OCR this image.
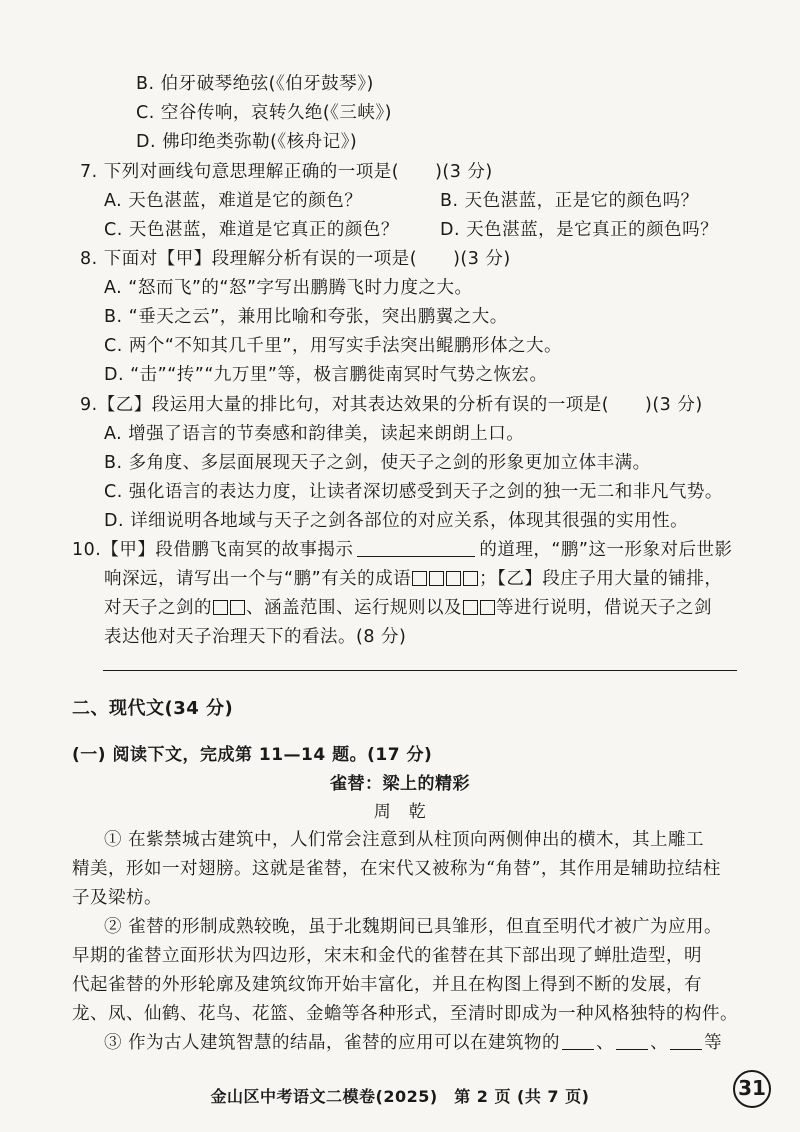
B. 伯牙破琴绝弦(《伯牙鼓琴》)
C. 空谷传响，哀转久绝(《三峡》)
D. 佛印绝类弥勒(《核舟记》)
7. 下列对画线句意思理解正确的一项是(　　)(3 分)
A. 天色湛蓝，难道是它的颜色？	B. 天色湛蓝，正是它的颜色吗？
C. 天色湛蓝，难道是它真正的颜色？ D. 天色湛蓝，是它真正的颜色吗？
8. 下面对【甲】段理解分析有误的一项是(　　)(3 分)
A. “怒而飞”的“怒”字写出鹏腾飞时力度之大。
B. “垂天之云”，兼用比喻和夸张，突出鹏翼之大。
C. 两个“不知其几千里”，用写实手法突出鲲鹏形体之大。
D. “击”“抟”“九万里”等，极言鹏徙南冥时气势之恢宏。
9.【乙】段运用大量的排比句，对其表达效果的分析有误的一项是(　　)(3 分)
A. 增强了语言的节奏感和韵律美，读起来朗朗上口。
B. 多角度、多层面展现天子之剑，使天子之剑的形象更加立体丰满。
C. 强化语言的表达力度，让读者深切感受到天子之剑的独一无二和非凡气势。
D. 详细说明各地域与天子之剑各部位的对应关系，体现其很强的实用性。
10.【甲】段借鹏飞南冥的故事揭示	的道理，“鹏”这一形象对后世影
响深远，请写出一个与“鹏”有关的成语	；【乙】段庄子用大量的铺排，
对天子之剑的 、涵盖范围、运行规则以及 等进行说明，借说天子之剑
表达他对天子治理天下的看法。(8 分)
二、现代文(34 分)
(一) 阅读下文，完成第 11—14 题。(17 分)
雀替：梁上的精彩
周　乾
① 在紫禁城古建筑中，人们常会注意到从柱顶向两侧伸出的横木，其上雕工
精美，形如一对翅膀。这就是雀替，在宋代又被称为“角替”，其作用是辅助拉结柱
子及梁枋。
② 雀替的形制成熟较晚，虽于北魏期间已具雏形，但直至明代才被广为应用。
早期的雀替立面形状为四边形，宋末和金代的雀替在其下部出现了蝉肚造型，明
代起雀替的外形轮廓及建筑纹饰开始丰富化，并且在构图上得到不断的发展，有
龙、凤、仙鹤、花鸟、花篮、金蟾等各种形式，至清时即成为一种风格独特的构件。
③ 作为古人建筑智慧的结晶，雀替的应用可以在建筑物的 、 、 等
金山区中考语文二模卷(2025)　第 2 页 (共 7 页)	31
